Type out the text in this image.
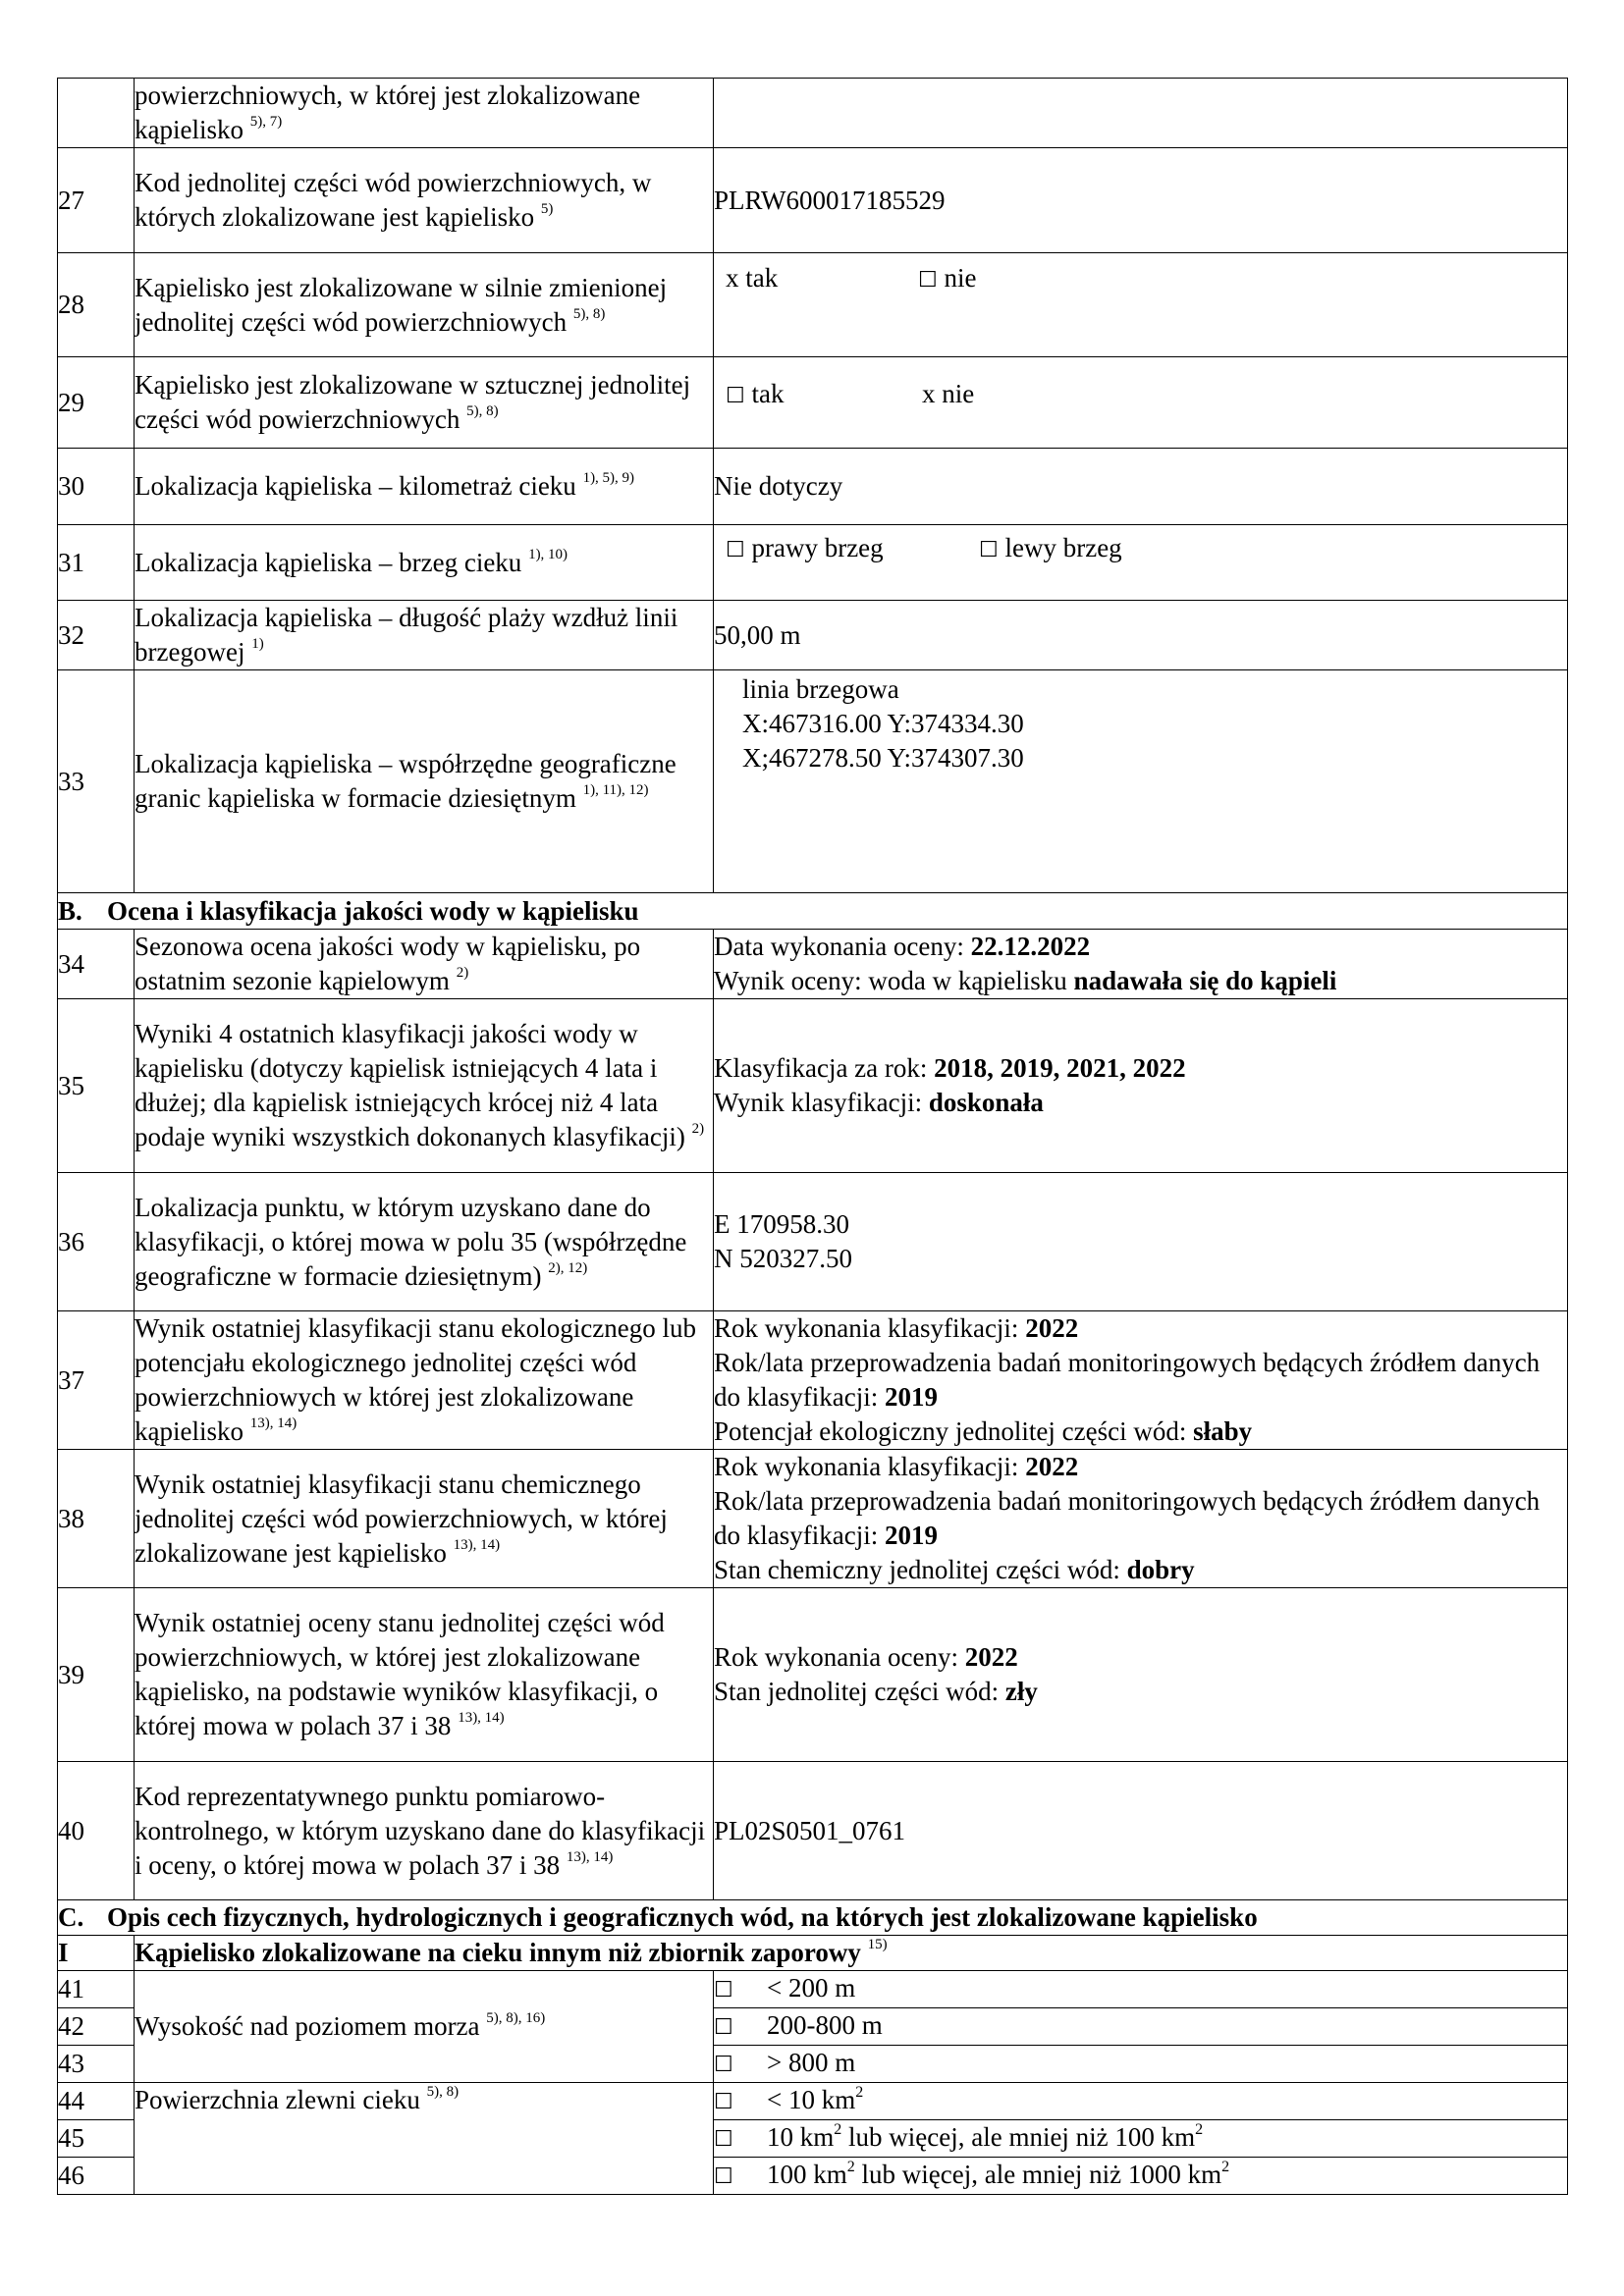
	powierzchniowych, w której jest zlokalizowane kąpielisko $^{5), 7)}$	
27	Kod jednolitej części wód powierzchniowych, w których zlokalizowane jest kąpielisko $^{5)}$	PLRW600017185529
28	Kąpielisko jest zlokalizowane w silnie zmienionej jednolitej części wód powierzchniowych $^{5), 8)}$	x tak ☐ nie
29	Kąpielisko jest zlokalizowane w sztucznej jednolitej części wód powierzchniowych $^{5), 8)}$	☐ tak x nie
30	Lokalizacja kąpieliska – kilometraż cieku $^{1), 5), 9)}$	Nie dotyczy
31	Lokalizacja kąpieliska – brzeg cieku $^{1), 10)}$	☐ prawy brzeg ☐ lewy brzeg
32	Lokalizacja kąpieliska – długość plaży wzdłuż linii brzegowej $^{1)}$	50,00 m
33	Lokalizacja kąpieliska – współrzędne geograficzne granic kąpieliska w formacie dziesiętnym $^{1), 11), 12)}$	linia brzegowa
X:467316.00 Y:374334.30
X;467278.50 Y:374307.30

B. Ocena i klasyfikacja jakości wody w kąpielisku		
34	Sezonowa ocena jakości wody w kąpielisku, po ostatnim sezonie kąpielowym $^{2)}$	Data wykonania oceny: 22.12.2022
Wynik oceny: woda w kąpielisku nadawała się do kąpieli

35	Wyniki 4 ostatnich klasyfikacji jakości wody w kąpielisku (dotyczy kąpielisk istniejących 4 lata i dłużej; dla kąpielisk istniejących krócej niż 4 lata podaje wyniki wszystkich dokonanych klasyfikacji) $^{2)}$	Klasyfikacja za rok: 2018, 2019, 2021, 2022
Wynik klasyfikacji: doskonała

36	Lokalizacja punktu, w którym uzyskano dane do klasyfikacji, o której mowa w polu 35 (współrzędne geograficzne w formacie dziesiętnym) $^{2), 12)}$	E 170958.30
N 520327.50

37	Wynik ostatniej klasyfikacji stanu ekologicznego lub potencjału ekologicznego jednolitej części wód powierzchniowych w której jest zlokalizowane kąpielisko $^{13), 14)}$	Rok wykonania klasyfikacji: 2022
Rok/lata przeprowadzenia badań monitoringowych będących źródłem danych do klasyfikacji: 2019
Potencjał ekologiczny jednolitej części wód: słaby

38	Wynik ostatniej klasyfikacji stanu chemicznego jednolitej części wód powierzchniowych, w której zlokalizowane jest kąpielisko $^{13), 14)}$	Rok wykonania klasyfikacji: 2022
Rok/lata przeprowadzenia badań monitoringowych będących źródłem danych do klasyfikacji: 2019
Stan chemiczny jednolitej części wód: dobry

39	Wynik ostatniej oceny stanu jednolitej części wód powierzchniowych, w której jest zlokalizowane kąpielisko, na podstawie wyników klasyfikacji, o której mowa w polach 37 i 38 $^{13), 14)}$	Rok wykonania oceny: 2022
Stan jednolitej części wód: zły

40	Kod reprezentatywnego punktu pomiarowo-kontrolnego, w którym uzyskano dane do klasyfikacji i oceny, o której mowa w polach 37 i 38 $^{13), 14)}$	PL02S0501_0761

C. Opis cech fizycznych, hydrologicznych i geograficznych wód, na których jest zlokalizowane kąpielisko		
I	Kąpielisko zlokalizowane na cieku innym niż zbiornik zaporowy $^{15)}$
41	Wysokość nad poziomem morza $^{5), 8), 16)}$	☐ < 200 m
42		☐ 200-800 m
43		☐ > 800 m
44	Powierzchnia zlewni cieku $^{5), 8)}$	☐ < 10 $km^2$
45		☐ 10 $km^2$ lub więcej, ale mniej niż 100 $km^2$
46		☐ 100 $km^2$ lub więcej, ale mniej niż 1000 $km^2$
